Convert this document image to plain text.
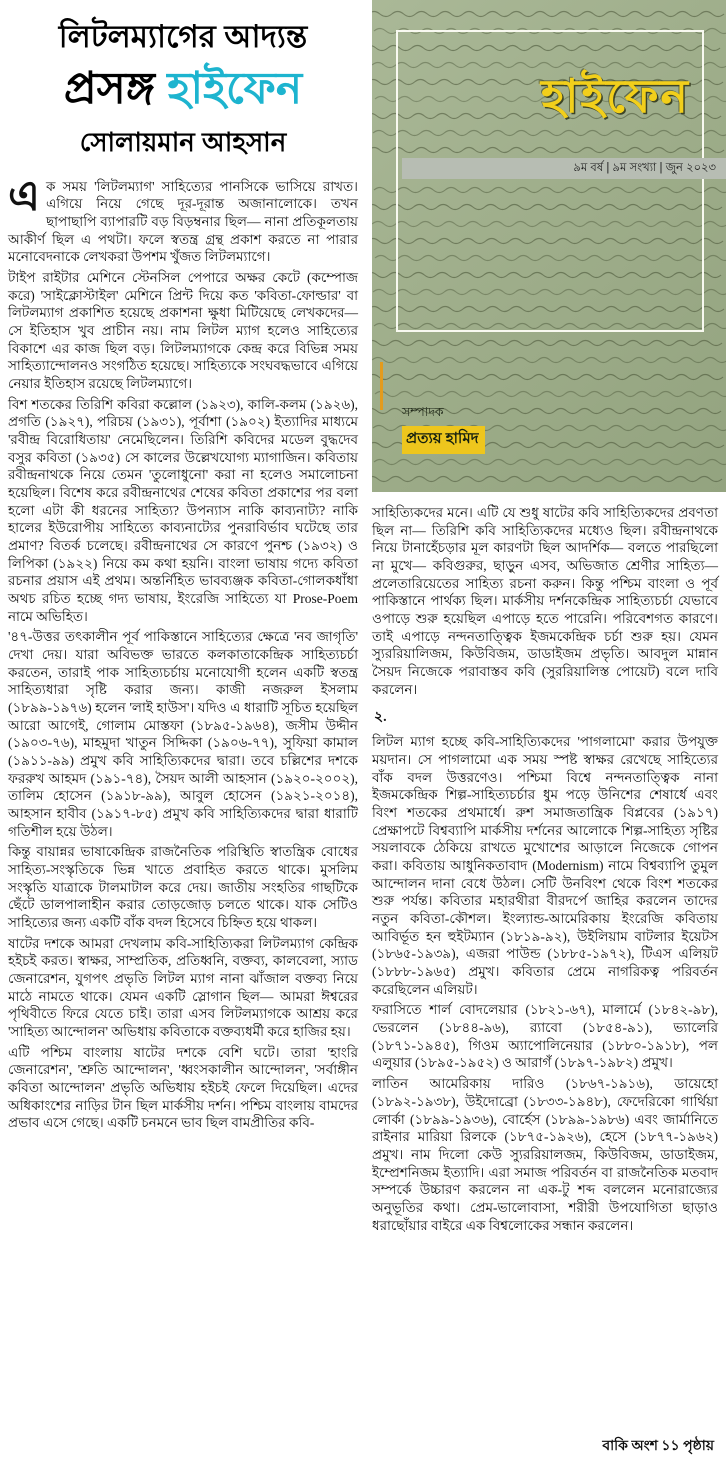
লিটলম্যাগের আদ্যন্ত
প্রসঙ্গ হাইফেন
সোলায়মান আহসান

এক সময় 'লিটলম্যাগ' সাহিত্যের পানসিকে ভাসিয়ে রাখত। এগিয়ে নিয়ে গেছে দূর-দূরান্ত অজানালোকে। তখন ছাপাছাপি ব্যাপারটি বড় বিড়ম্বনার ছিল— নানা প্রতিকূলতায় আকীর্ণ ছিল এ পথটা। ফলে স্বতন্ত্র গ্রন্থ প্রকাশ করতে না পারার মনোবেদনাকে লেখকরা উপশম খুঁজত লিটলম্যাগে।

টাইপ রাইটার মেশিনে স্টেনসিল পেপারে অক্ষর কেটে (কম্পোজ করে) 'সাইক্লোস্টাইল' মেশিনে প্রিন্ট দিয়ে কত 'কবিতা-ফোল্ডার' বা লিটলম্যাগ প্রকাশিত হয়েছে প্রকাশনা ক্ষুধা মিটিয়েছে লেখকদের— সে ইতিহাস খুব প্রাচীন নয়। নাম লিটল ম্যাগ হলেও সাহিত্যের বিকাশে এর কাজ ছিল বড়। লিটলম্যাগকে কেন্দ্র করে বিভিন্ন সময় সাহিত্যান্দোলনও সংগঠিত হয়েছে। সাহিত্যকে সংঘবদ্ধভাবে এগিয়ে নেয়ার ইতিহাস রয়েছে লিটলম্যাগে।

বিশ শতকের তিরিশি কবিরা কল্লোল (১৯২৩), কালি-কলম (১৯২৬), প্রগতি (১৯২৭), পরিচয় (১৯৩১), পূর্বাশা (১৯০২) ইত্যাদির মাধ্যমে 'রবীন্দ্র বিরোধিতায়' নেমেছিলেন। তিরিশি কবিদের মডেল বুদ্ধদেব বসুর কবিতা (১৯৩৫) সে কালের উল্লেখযোগ্য ম্যাগাজিন। কবিতায় রবীন্দ্রনাথকে নিয়ে তেমন 'তুলোধুনো' করা না হলেও সমালোচনা হয়েছিল। বিশেষ করে রবীন্দ্রনাথের শেষের কবিতা প্রকাশের পর বলা হলো এটা কী ধরনের সাহিত্য? উপন্যাস নাকি কাব্যনাট্য? নাকি হালের ইউরোপীয় সাহিত্যে কাব্যনাট্যের পুনরাবির্ভাব ঘটেছে তার প্রমাণ? বিতর্ক চলেছে। রবীন্দ্রনাথের সে কারণে পুনশ্চ (১৯৩২) ও লিপিকা (১৯২২) নিয়ে কম কথা হয়নি। বাংলা ভাষায় গদ্যে কবিতা রচনার প্রয়াস এই প্রথম। অন্তর্নিহিত ভাবব্যঞ্জক কবিতা-গোলকধাঁধা অথচ রচিত হচ্ছে গদ্য ভাষায়, ইংরেজি সাহিত্যে যা Prose-Poem নামে অভিহিত।

'৪৭-উত্তর তৎকালীন পূর্ব পাকিস্তানে সাহিত্যের ক্ষেত্রে 'নব জাগৃতি' দেখা দেয়। যারা অবিভক্ত ভারতে কলকাতাকেন্দ্রিক সাহিত্যচর্চা করতেন, তারাই পাক সাহিত্যচর্চায় মনোযোগী হলেন একটি স্বতন্ত্র সাহিত্যধারা সৃষ্টি করার জন্য। কাজী নজরুল ইসলাম (১৮৯৯-১৯৭৬) হলেন 'লাই হাউস'। যদিও এ ধারাটি সূচিত হয়েছিল আরো আগেই, গোলাম মোস্তফা (১৮৯৫-১৯৬৪), জসীম উদ্দীন (১৯০৩-৭৬), মাহমুদা খাতুন সিদ্দিকা (১৯০৬-৭৭), সুফিয়া কামাল (১৯১১-৯৯) প্রমুখ কবি সাহিত্যিকদের দ্বারা। তবে চল্লিশের দশকে ফররুখ আহমদ (১৯১-৭৪), সৈয়দ আলী আহসান (১৯২০-২০০২), তালিম হোসেন (১৯১৮-৯৯), আবুল হোসেন (১৯২১-২০১৪), আহসান হাবীব (১৯১৭-৮৫) প্রমুখ কবি সাহিত্যিকদের দ্বারা ধারাটি গতিশীল হয়ে উঠল।

কিন্তু বায়ান্নর ভাষাকেন্দ্রিক রাজনৈতিক পরিস্থিতি স্বাতন্ত্রিক বোধের সাহিত্য-সংস্কৃতিকে ভিন্ন খাতে প্রবাহিত করতে থাকে। মুসলিম সংস্কৃতি যাত্রাকে টালমাটাল করে দেয়। জাতীয় সংহতির গাছটিকে ছেঁটে ডালপালাহীন করার তোড়জোড় চলতে থাকে। যাক সেটিও সাহিত্যের জন্য একটি বাঁক বদল হিসেবে চিহ্নিত হয়ে থাকল।

ষাটের দশকে আমরা দেখলাম কবি-সাহিত্যিকরা লিটলম্যাগ কেন্দ্রিক হইচই করত। স্বাক্ষর, সাম্প্রতিক, প্রতিধ্বনি, বক্তব্য, কালবেলা, স্যাড জেনারেশন, যুগপৎ প্রভৃতি লিটল ম্যাগ নানা ঝাঁজাল বক্তব্য নিয়ে মাঠে নামতে থাকে। যেমন একটি স্লোগান ছিল— আমরা ঈশ্বরের পৃথিবীতে ফিরে যেতে চাই। তারা এসব লিটলম্যাগকে আশ্রয় করে 'সাহিত্য আন্দোলন' অভিধায় কবিতাকে বক্তব্যধর্মী করে হাজির হয়।

এটি পশ্চিম বাংলায় ষাটের দশকে বেশি ঘটে। তারা 'হাংরি জেনারেশন', 'শ্রুতি আন্দোলন', 'ধ্বংসকালীন আন্দোলন', 'সর্বাঙ্গীন কবিতা আন্দোলন' প্রভৃতি অভিধায় হইচই ফেলে দিয়েছিল। এদের অধিকাংশের নাড়ির টান ছিল মার্কসীয় দর্শন। পশ্চিম বাংলায় বামদের প্রভাব এসে গেছে। একটি চনমনে ভাব ছিল বামপ্রীতির কবি-

হাইফেন
৯ম বর্ষ | ৯ম সংখ্যা | জুন ২০২৩
সম্পাদক
প্রত্যয় হামিদ

সাহিত্যিকদের মনে। এটি যে শুধু ষাটের কবি সাহিত্যিকদের প্রবণতা ছিল না— তিরিশি কবি সাহিত্যিকদের মধ্যেও ছিল। রবীন্দ্রনাথকে নিয়ে টানাহেঁচড়ার মূল কারণটা ছিল আদর্শিক— বলতে পারছিলো না মুখে— কবিগুরুর, ছাড়ুন এসব, অভিজাত শ্রেণীর সাহিত্য— প্রলেতারিয়েতের সাহিত্য রচনা করুন। কিন্তু পশ্চিম বাংলা ও পূর্ব পাকিস্তানে পার্থক্য ছিল। মার্কসীয় দর্শনকেন্দ্রিক সাহিত্যচর্চা যেভাবে ওপাড়ে শুরু হয়েছিল এপাড়ে হতে পারেনি। পরিবেশগত কারণে। তাই এপাড়ে নন্দনতাত্ত্বিক ইজমকেন্দ্রিক চর্চা শুরু হয়। যেমন স্যুররিয়ালিজম, কিউবিজম, ডাডাইজম প্রভৃতি। আবদুল মান্নান সৈয়দ নিজেকে পরাবাস্তব কবি (সুররিয়ালিস্ত পোয়েট) বলে দাবি করলেন।

২.

লিটল ম্যাগ হচ্ছে কবি-সাহিত্যিকদের 'পাগলামো' করার উপযুক্ত ময়দান। সে পাগলামো এক সময় স্পষ্ট স্বাক্ষর রেখেছে সাহিত্যের বাঁক বদল উত্তরণেও। পশ্চিমা বিশ্বে নন্দনতাত্ত্বিক নানা ইজমকেন্দ্রিক শিল্প-সাহিত্যচর্চার ধুম পড়ে উনিশের শেষার্ধে এবং বিংশ শতকের প্রথমার্ধে। রুশ সমাজতান্ত্রিক বিপ্লবের (১৯১৭) প্রেক্ষাপটে বিশ্বব্যাপি মার্কসীয় দর্শনের আলোকে শিল্প-সাহিত্য সৃষ্টির সয়লাবকে ঠেকিয়ে রাখতে মুখোশের আড়ালে নিজেকে গোপন করা। কবিতায় আধুনিকতাবাদ (Modernism) নামে বিশ্বব্যাপি তুমুল আন্দোলন দানা বেধে উঠল। সেটি উনবিংশ থেকে বিংশ শতকের শুরু পর্যন্ত। কবিতার মহারথীরা বীরদর্পে জাহির করলেন তাদের নতুন কবিতা-কৌশল। ইংল্যান্ড-আমেরিকায় ইংরেজি কবিতায় আবির্ভূত হন হুইটম্যান (১৮১৯-৯২), উইলিয়াম বাটলার ইয়েটস (১৮৬৫-১৯৩৯), এজরা পাউন্ড (১৮৮৫-১৯৭২), টিএস এলিয়ট (১৮৮৮-১৯৬৫) প্রমুখ। কবিতার প্রেমে নাগরিকত্ব পরিবর্তন করেছিলেন এলিয়ট।

ফরাসিতে শার্ল বোদলেয়ার (১৮২১-৬৭), মালার্মে (১৮৪২-৯৮), ভেরলেন (১৮৪৪-৯৬), র‍্যাবো (১৮৫৪-৯১), ভ্যালেরি (১৮৭১-১৯৪৫), গিওম অ্যাপোলিনেয়ার (১৮৮০-১৯১৮), পল এলুয়ার (১৮৯৫-১৯৫২) ও আরাগঁ (১৮৯৭-১৯৮২) প্রমুখ।

লাতিন আমেরিকায় দারিও (১৮৬৭-১৯১৬), ডায়েহো (১৮৯২-১৯৩৮), উইদোব্রো (১৮৩৩-১৯৪৮), ফেদেরিকো গার্থিয়া লোর্কা (১৮৯৯-১৯৩৬), বোর্হেস (১৮৯৯-১৯৮৬) এবং জার্মানিতে রাইনার মারিয়া রিলকে (১৮৭৫-১৯২৬), হেসে (১৮৭৭-১৯৬২) প্রমুখ। নাম দিলো কেউ স্যুররিয়ালজম, কিউবিজম, ডাডাইজম, ইম্প্রেশনিজম ইত্যাদি। এরা সমাজ পরিবর্তন বা রাজনৈতিক মতবাদ সম্পর্কে উচ্চারণ করলেন না এক-টু শব্দ বললেন মনোরাজ্যের অনুভূতির কথা। প্রেম-ভালোবাসা, শরীরী উপযোগিতা ছাড়াও ধরাছোঁয়ার বাইরে এক বিশ্বলোকের সন্ধান করলেন।

বাকি অংশ ১১ পৃষ্ঠায়
